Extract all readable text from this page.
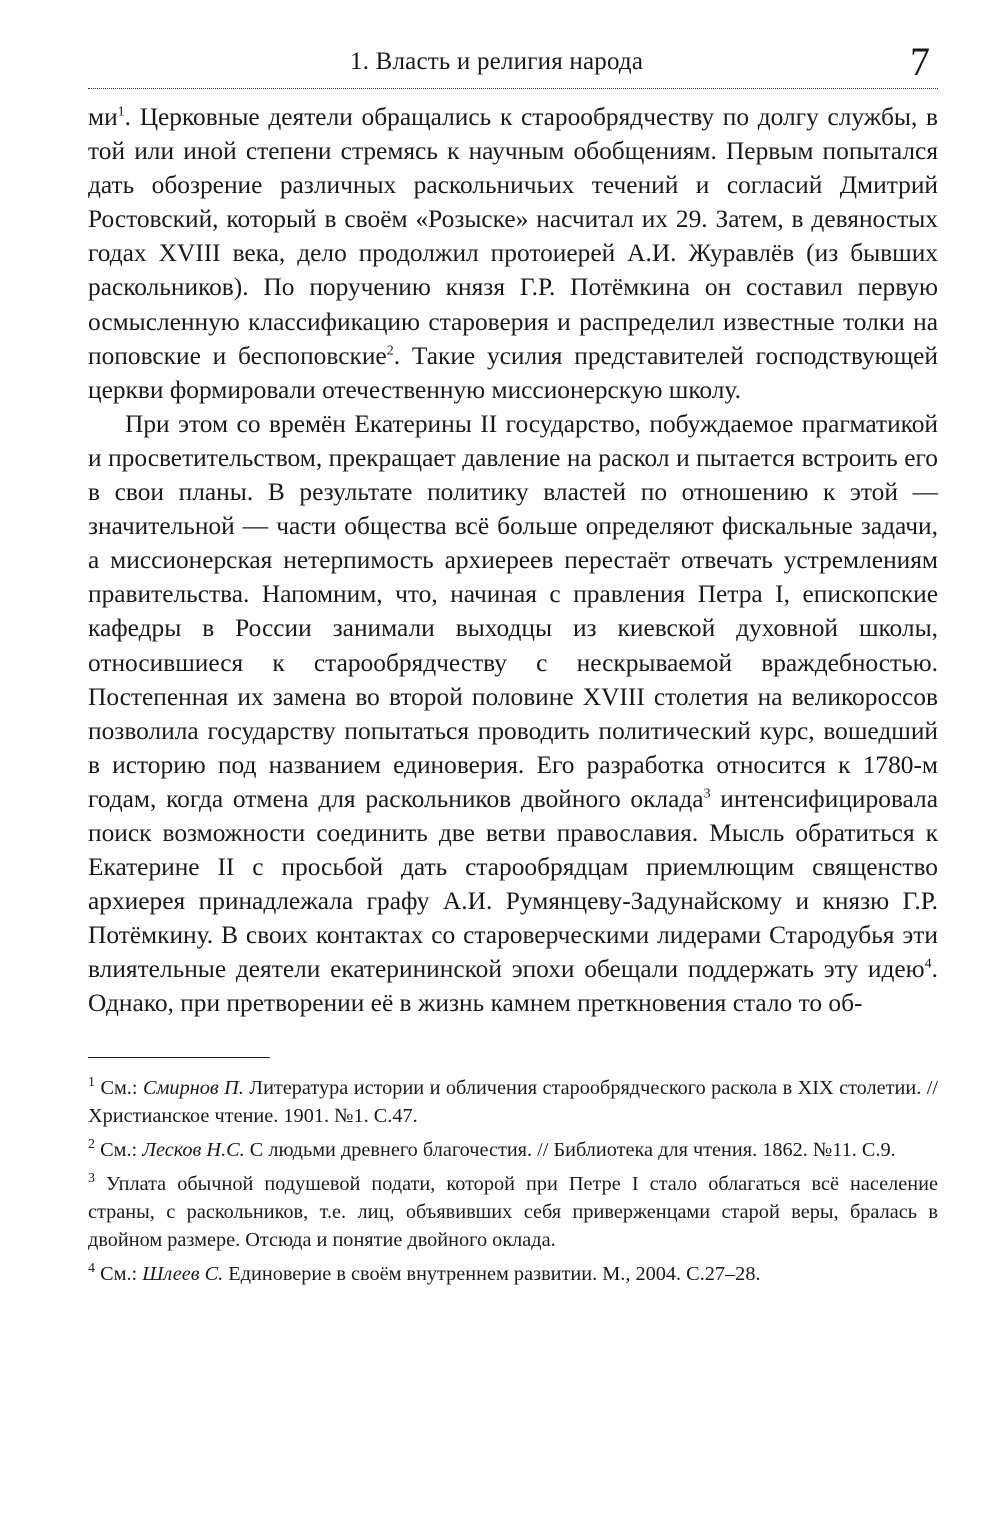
1. Власть и религия народа	7

$ми^1$. Церковные деятели обращались к старообрядчеству по долгу службы, в той или иной степени стремясь к научным обобщениям. Первым попытался дать обозрение различных раскольничьих течений и согласий Дмитрий Ростовский, который в своём «Розыске» насчитал их 29. Затем, в девяностых годах XVIII века, дело продолжил протоиерей А.И. Журавлёв (из бывших раскольников). По поручению князя Г.Р. Потёмкина он составил первую осмысленную классификацию староверия и распределил известные толки на поповские и беспоповские$^2$. Такие усилия представителей господствующей церкви формировали отечественную миссионерскую школу.

При этом со времён Екатерины II государство, побуждаемое прагматикой и просветительством, прекращает давление на раскол и пытается встроить его в свои планы. В результате политику властей по отношению к этой — значительной — части общества всё больше определяют фискальные задачи, а миссионерская нетерпимость архиереев перестаёт отвечать устремлениям правительства. Напомним, что, начиная с правления Петра I, епископские кафедры в России занимали выходцы из киевской духовной школы, относившиеся к старообрядчеству с нескрываемой враждебностью. Постепенная их замена во второй половине XVIII столетия на великороссов позволила государству попытаться проводить политический курс, вошедший в историю под названием единоверия. Его разработка относится к 1780-м годам, когда отмена для раскольников двойного оклада$^3$ интенсифицировала поиск возможности соединить две ветви православия. Мысль обратиться к Екатерине II с просьбой дать старообрядцам приемлющим священство архиерея принадлежала графу А.И. Румянцеву-Задунайскому и князю Г.Р. Потёмкину. В своих контактах со староверческими лидерами Стародубья эти влиятельные деятели екатерининской эпохи обещали поддержать эту идею$^4$. Однако, при претворении её в жизнь камнем преткновения стало то об-

$^1$ См.: Смирнов П. Литература истории и обличения старообрядческого раскола в XIX столетии. // Христианское чтение. 1901. №1. С.47.

$^2$ См.: Лесков Н.С. С людьми древнего благочестия. // Библиотека для чтения. 1862. №11. С.9.

$^3$ Уплата обычной подушевой подати, которой при Петре I стало облагаться всё население страны, с раскольников, т.е. лиц, объявивших себя приверженцами старой веры, бралась в двойном размере. Отсюда и понятие двойного оклада.

$^4$ См.: Шлеев С. Единоверие в своём внутреннем развитии. М., 2004. С.27–28.
